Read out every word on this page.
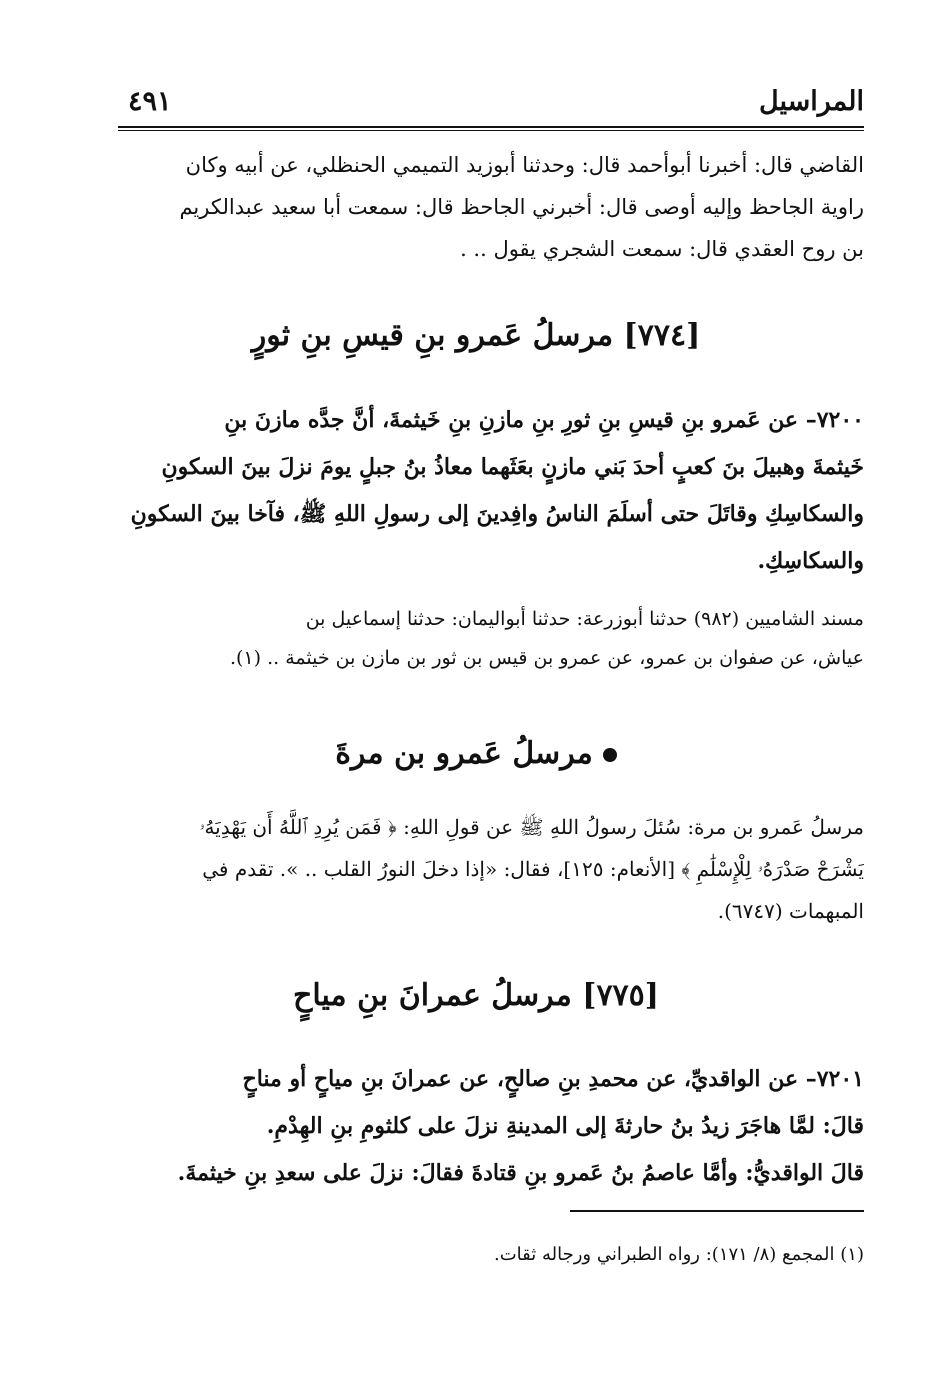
المراسيل
٤٩١
القاضي قال: أخبرنا أبوأحمد قال: وحدثنا أبوزيد التميمي الحنظلي، عن أبيه وكان
راوية الجاحظ وإليه أوصى قال: أخبرني الجاحظ قال: سمعت أبا سعيد عبدالكريم
بن روح العقدي قال: سمعت الشجري يقول .. .
[٧٧٤] مرسلُ عَمرو بنِ قيسِ بنِ ثورٍ
٧٢٠٠– عن عَمرو بنِ قيسِ بنِ ثورِ بنِ مازنِ بنِ خَيثمةَ، أنَّ جدَّه مازنَ بنِ
خَيثمةَ وهبيلَ بنَ كعبٍ أحدَ بَني مازنٍ بعَثَهما معاذُ بنُ جبلٍ يومَ نزلَ بينَ السكونِ
والسكاسِكِ وقاتَلَ حتى أسلَمَ الناسُ وافِدينَ إلى رسولِ اللهِ ﷺ، فآخا بينَ السكونِ
والسكاسِكِ.
مسند الشاميين (٩٨٢) حدثنا أبوزرعة: حدثنا أبواليمان: حدثنا إسماعيل بن
عياش، عن صفوان بن عمرو، عن عمرو بن قيس بن ثور بن مازن بن خيثمة .. (١).
مرسلُ عَمرو بن مرةَ
مرسلُ عَمرو بن مرة: سُئلَ رسولُ اللهِ ﷺ عن قولِ اللهِ: ﴿ فَمَن يُرِدِ ٱللَّهُ أَن يَهْدِيَهُۥ
يَشْرَحْ صَدْرَهُۥ لِلْإِسْلَٰمِ ﴾ [الأنعام: ١٢٥]، فقال: «إذا دخلَ النورُ القلب .. ». تقدم في
المبهمات (٦٧٤٧).
[٧٧٥] مرسلُ عمرانَ بنِ مياحٍ
٧٢٠١– عن الواقديِّ، عن محمدِ بنِ صالحٍ، عن عمرانَ بنِ مياحٍ أو مناحٍ
قالَ: لمَّا هاجَرَ زيدُ بنُ حارثةَ إلى المدينةِ نزلَ على كلثومِ بنِ الهِدْمِ.
قالَ الواقديُّ: وأمَّا عاصمُ بنُ عَمرو بنِ قتادةَ فقالَ: نزلَ على سعدِ بنِ خيثمةَ.
(١) المجمع (٨/ ١٧١): رواه الطبراني ورجاله ثقات.
